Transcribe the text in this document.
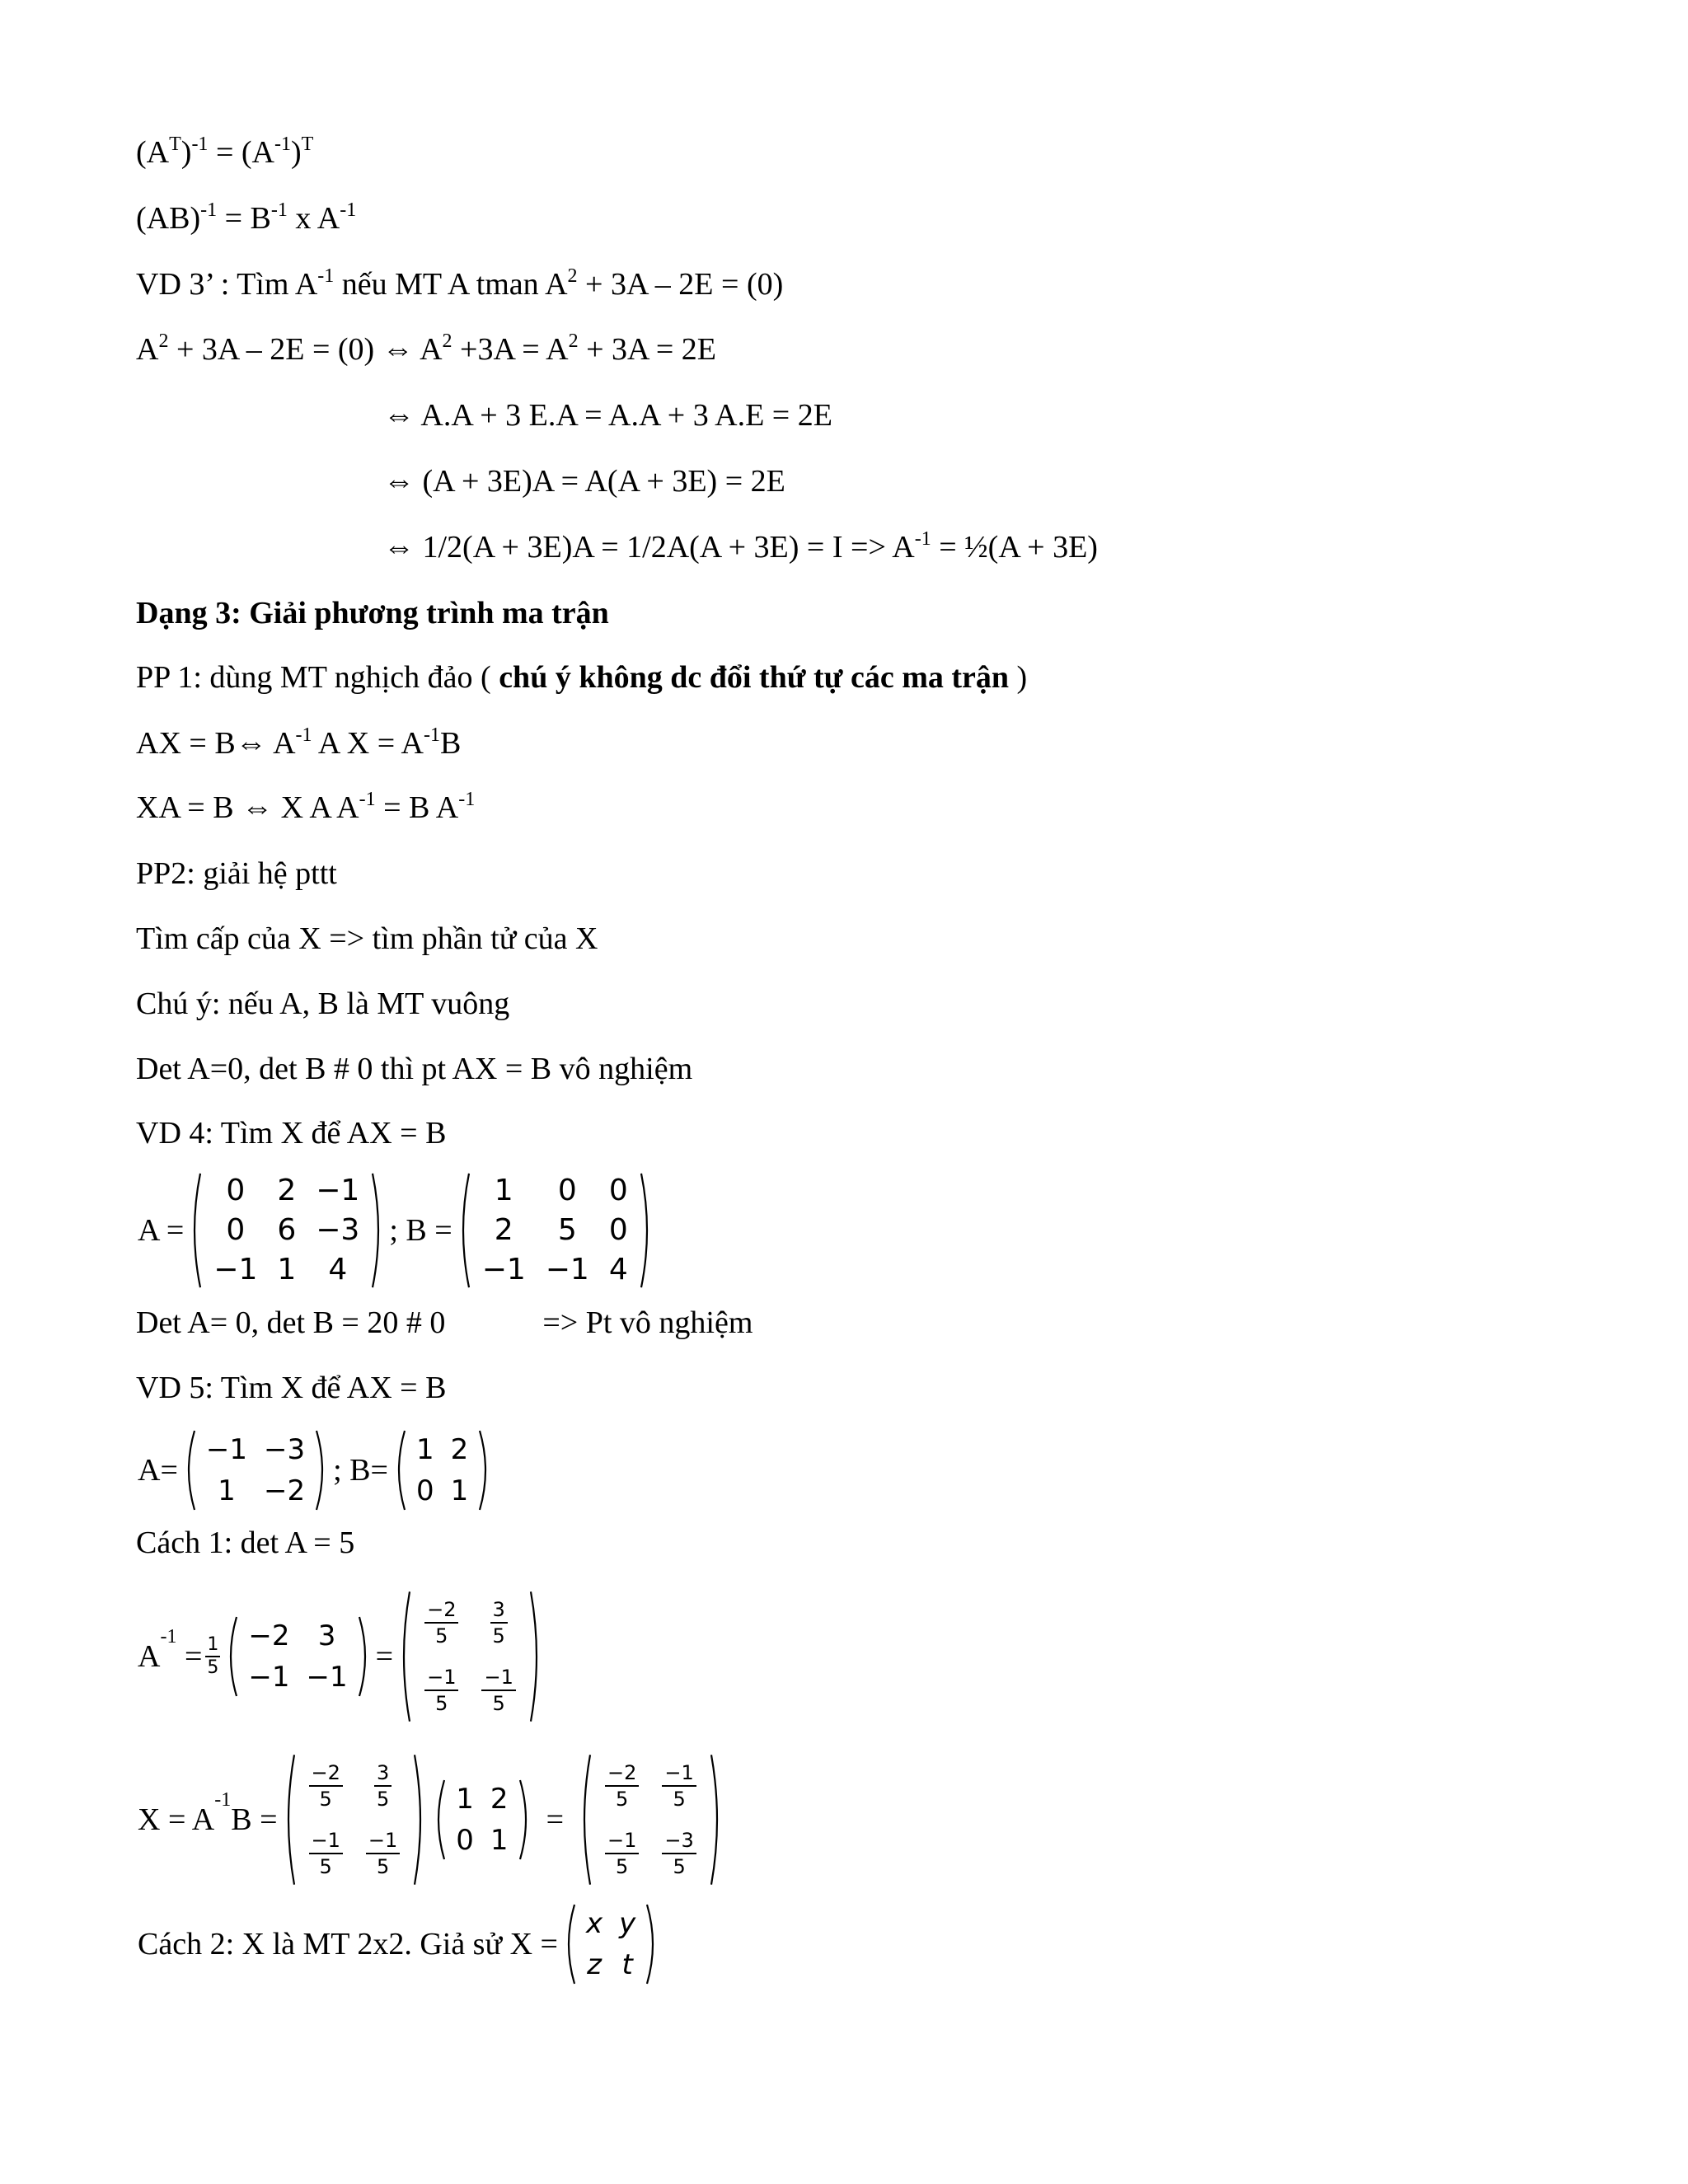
$(A^T)^{-1} = (A^{-1})^T$
$(AB)^{-1} = B^{-1}$ x $A^{-1}$
VD 3’ : Tìm $A^{-1}$ nếu MT A tman $A^2 + 3A - 2E = (0)$
$A^2 + 3A - 2E = (0)$ ⇔ $A^2 +3A = A^2 + 3A = 2E$
⇔ A.A + 3 E.A = A.A + 3 A.E = 2E
⇔ (A + 3E)A = A(A + 3E) = 2E
⇔ $1/2(A + 3E)A = 1/2A(A + 3E) = I => A^{-1}$ = ½(A + 3E)
Dạng 3: Giải phương trình ma trận
PP 1: dùng MT nghịch đảo ( chú ý không dc đổi thứ tự các ma trận )
AX = B⇔ $A^{-1}$ A $X = A^{-1}B$
XA = B ⇔ X A $A^{-1} = B$ $A^{-1}$
PP2: giải hệ pttt
Tìm cấp của X => tìm phần tử của X
Chú ý: nếu A, B là MT vuông
Det A=0, det B # 0 thì pt AX = B vô nghiệm
VD 4: Tìm X để AX = B
A =
0	2	−1
0	6	−3
−1	1	4
; B =
1	0	0
2	5	0
−1	−1	4
Det A= 0, det B = 20 # 0	=> Pt vô nghiệm
VD 5: Tìm X để AX = B
A=
−1	−3
1	−2
; B=
1	2
0	1
Cách 1: det A = 5
$A^{-1} = \frac{1}{5} -2$	3
−1	−1
=
$\frac{-2}{5}$	$\frac{3}{5}$

$\frac{-1}{5}$	$\frac{-1}{5}$
$X = A^{-1}B$ =
$\frac{-2}{5}$	$\frac{3}{5}$

$\frac{-1}{5}$	$\frac{-1}{5}$
1	2
0	1
=
$\frac{-2}{5}$	$\frac{-1}{5}$

$\frac{-1}{5}$	$\frac{-3}{5}$
Cách 2: X là MT 2x2. Giả sử X =
x	y
z	t
